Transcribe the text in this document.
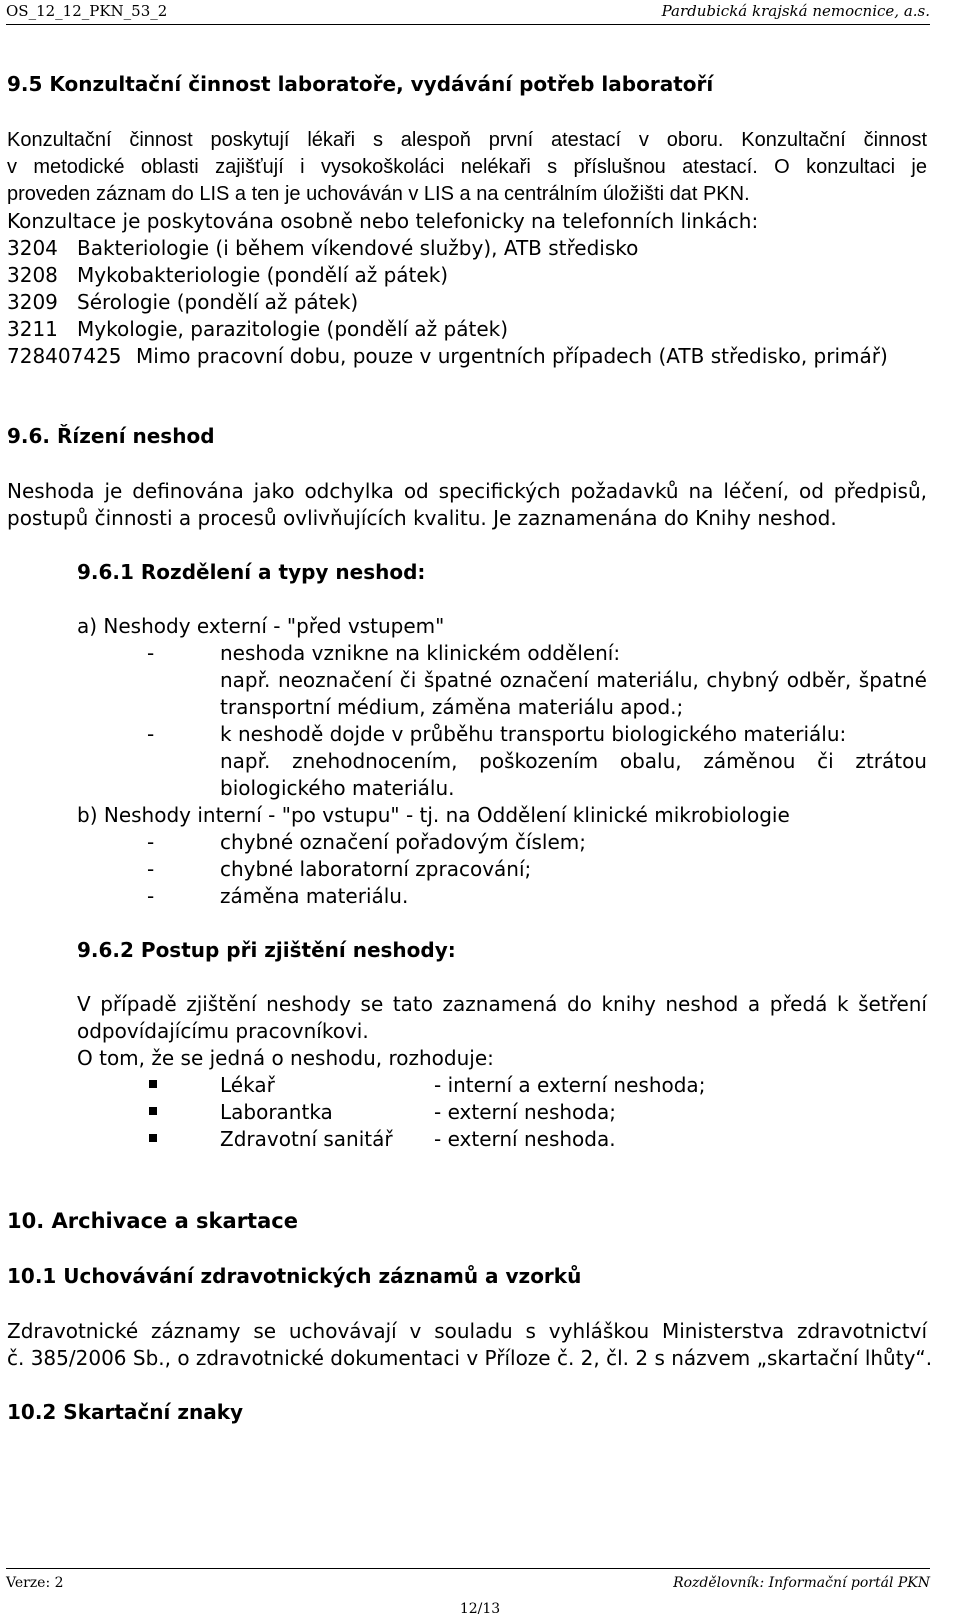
OS_12_12_PKN_53_2	Pardubická krajská nemocnice, a.s.
9.5 Konzultační činnost laboratoře, vydávání potřeb laboratoří
Konzultační činnost poskytují lékaři s alespoň první atestací v oboru. Konzultační činnost
v metodické oblasti zajišťují i vysokoškoláci nelékaři s příslušnou atestací. O konzultaci je
proveden záznam do LIS a ten je uchováván v LIS a na centrálním úložišti dat PKN.
Konzultace je poskytována osobně nebo telefonicky na telefonních linkách:
3204 Bakteriologie (i během víkendové služby), ATB středisko
3208 Mykobakteriologie (pondělí až pátek)
3209 Sérologie (pondělí až pátek)
3211 Mykologie, parazitologie (pondělí až pátek)
728407425 Mimo pracovní dobu, pouze v urgentních případech (ATB středisko, primář)
9.6. Řízení neshod
Neshoda je definována jako odchylka od specifických požadavků na léčení, od předpisů,
postupů činnosti a procesů ovlivňujících kvalitu. Je zaznamenána do Knihy neshod.
9.6.1 Rozdělení a typy neshod:
a) Neshody externí - "před vstupem"
-	neshoda vznikne na klinickém oddělení:
např. neoznačení či špatné označení materiálu, chybný odběr, špatné
transportní médium, záměna materiálu apod.;
-	k neshodě dojde v průběhu transportu biologického materiálu:
např. znehodnocením, poškozením obalu, záměnou či ztrátou
biologického materiálu.
b) Neshody interní - "po vstupu" - tj. na Oddělení klinické mikrobiologie
-	chybné označení pořadovým číslem;
-	chybné laboratorní zpracování;
-	záměna materiálu.
9.6.2 Postup při zjištění neshody:
V případě zjištění neshody se tato zaznamená do knihy neshod a předá k šetření
odpovídajícímu pracovníkovi.
O tom, že se jedná o neshodu, rozhoduje:
Lékař	- interní a externí neshoda;
Laborantka	- externí neshoda;
Zdravotní sanitář - externí neshoda.
10. Archivace a skartace
10.1 Uchovávání zdravotnických záznamů a vzorků
Zdravotnické záznamy se uchovávají v souladu s vyhláškou Ministerstva zdravotnictví
č. 385/2006 Sb., o zdravotnické dokumentaci v Příloze č. 2, čl. 2 s názvem „skartační lhůty“.
10.2 Skartační znaky
Verze: 2	Rozdělovník: Informační portál PKN
12/13
